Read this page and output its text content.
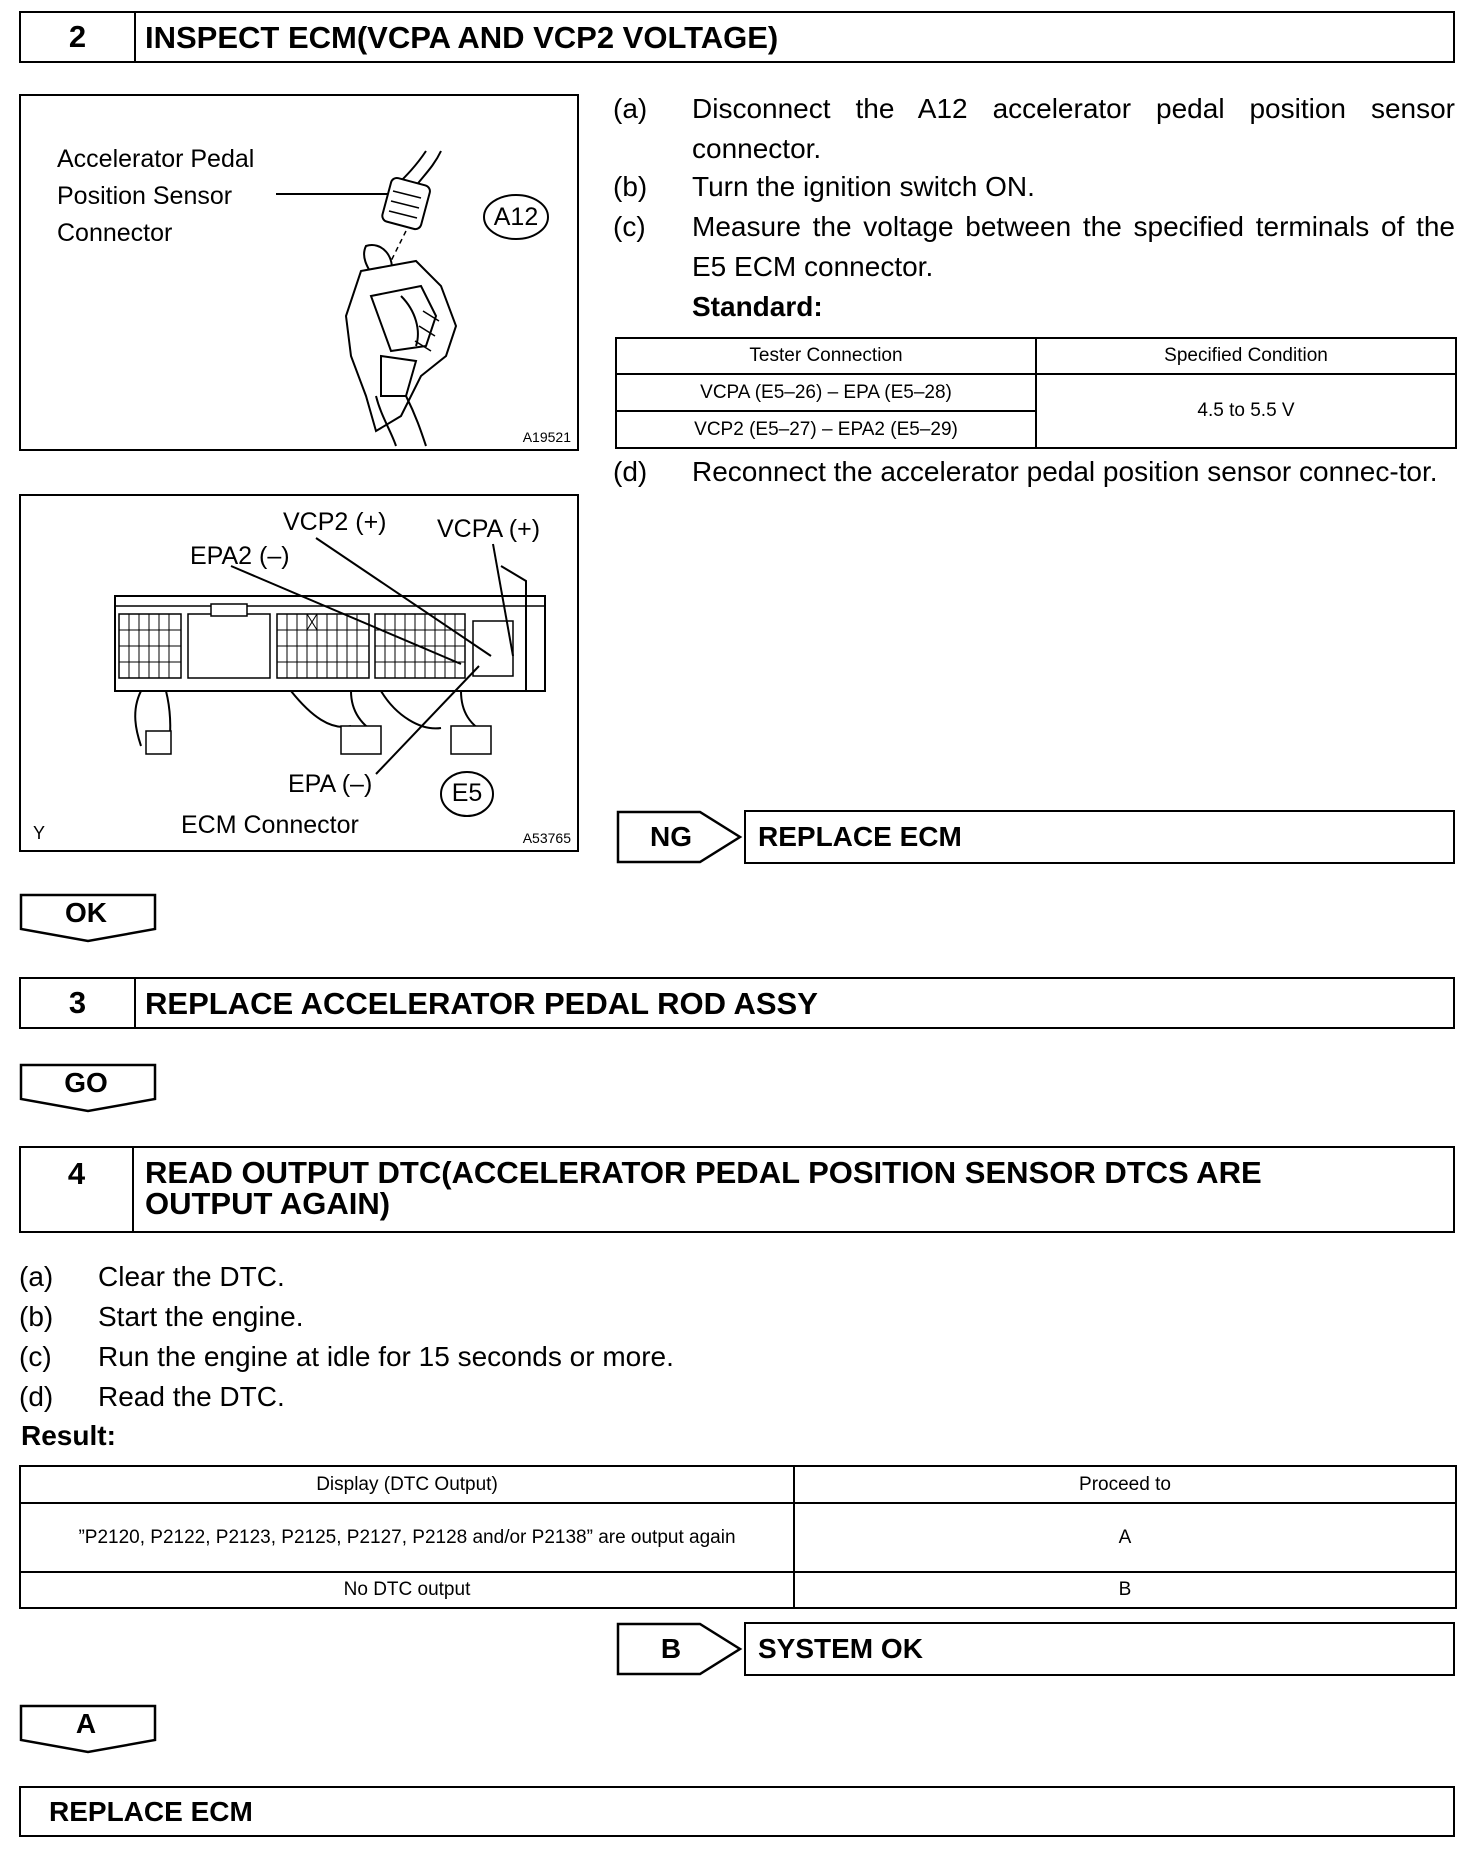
2	INSPECT ECM(VCPA AND VCP2 VOLTAGE)
Accelerator Pedal
Position Sensor
Connector
A12
A19521
VCP2 (+) VCPA (+)
EPA2 (–)
EPA (–)
ECM Connector
Y	A53765
E5
(a) Disconnect the A12 accelerator pedal position sensor connector.
(b) Turn the ignition switch ON.
(c) Measure the voltage between the specified terminals of the E5 ECM connector.
Standard:
Tester Connection	Specified Condition
VCPA (E5–26) – EPA (E5–28)	4.5 to 5.5 V
VCP2 (E5–27) – EPA2 (E5–29)	
(d) Reconnect the accelerator pedal position sensor connec-tor.
NG	REPLACE ECM
OK
3	REPLACE ACCELERATOR PEDAL ROD ASSY
GO
4	READ OUTPUT DTC(ACCELERATOR PEDAL POSITION SENSOR DTCS ARE
OUTPUT AGAIN)
(a) Clear the DTC.
(b) Start the engine.
(c) Run the engine at idle for 15 seconds or more.
(d) Read the DTC.
Result:
Display (DTC Output)	Proceed to
”P2120, P2122, P2123, P2125, P2127, P2128 and/or P2138” are output again	A
No DTC output	B
B	SYSTEM OK
A
REPLACE ECM
